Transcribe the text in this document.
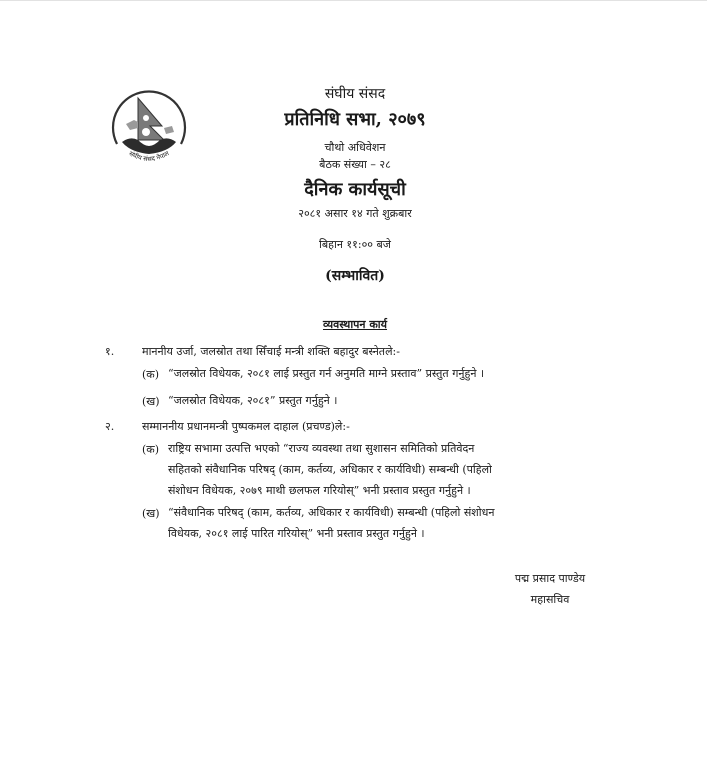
संघीय संसद नेपाल
संघीय संसद
प्रतिनिधि सभा, २०७९
चौथो अधिवेशन
बैठक संख्या – २८
दैनिक कार्यसूची
२०८१ असार १४ गते शुक्रबार
बिहान ११:०० बजे
(सम्भावित)
व्यवस्थापन कार्य
१.	माननीय उर्जा, जलस्रोत तथा सिँचाई मन्त्री शक्ति बहादुर बस्नेतले:-
(क) “जलस्रोत विधेयक, २०८१ लाई प्रस्तुत गर्न अनुमति माग्ने प्रस्ताव” प्रस्तुत गर्नुहुने ।
(ख) “जलस्रोत विधेयक, २०८१” प्रस्तुत गर्नुहुने ।
२.	सम्माननीय प्रधानमन्त्री पुष्पकमल दाहाल (प्रचण्ड)ले:-
(क) राष्ट्रिय सभामा उत्पत्ति भएको “राज्य व्यवस्था तथा सुशासन समितिको प्रतिवेदन
सहितको संवैधानिक परिषद् (काम, कर्तव्य, अधिकार र कार्यविधी) सम्बन्धी (पहिलो
संशोधन विधेयक, २०७९ माथी छलफल गरियोस्” भनी प्रस्ताव प्रस्तुत गर्नुहुने ।
(ख) “संवैधानिक परिषद् (काम, कर्तव्य, अधिकार र कार्यविधी) सम्बन्धी (पहिलो संशोधन
विधेयक, २०८१ लाई पारित गरियोस्” भनी प्रस्ताव प्रस्तुत गर्नुहुने ।
पद्म प्रसाद पाण्डेय
महासचिव
